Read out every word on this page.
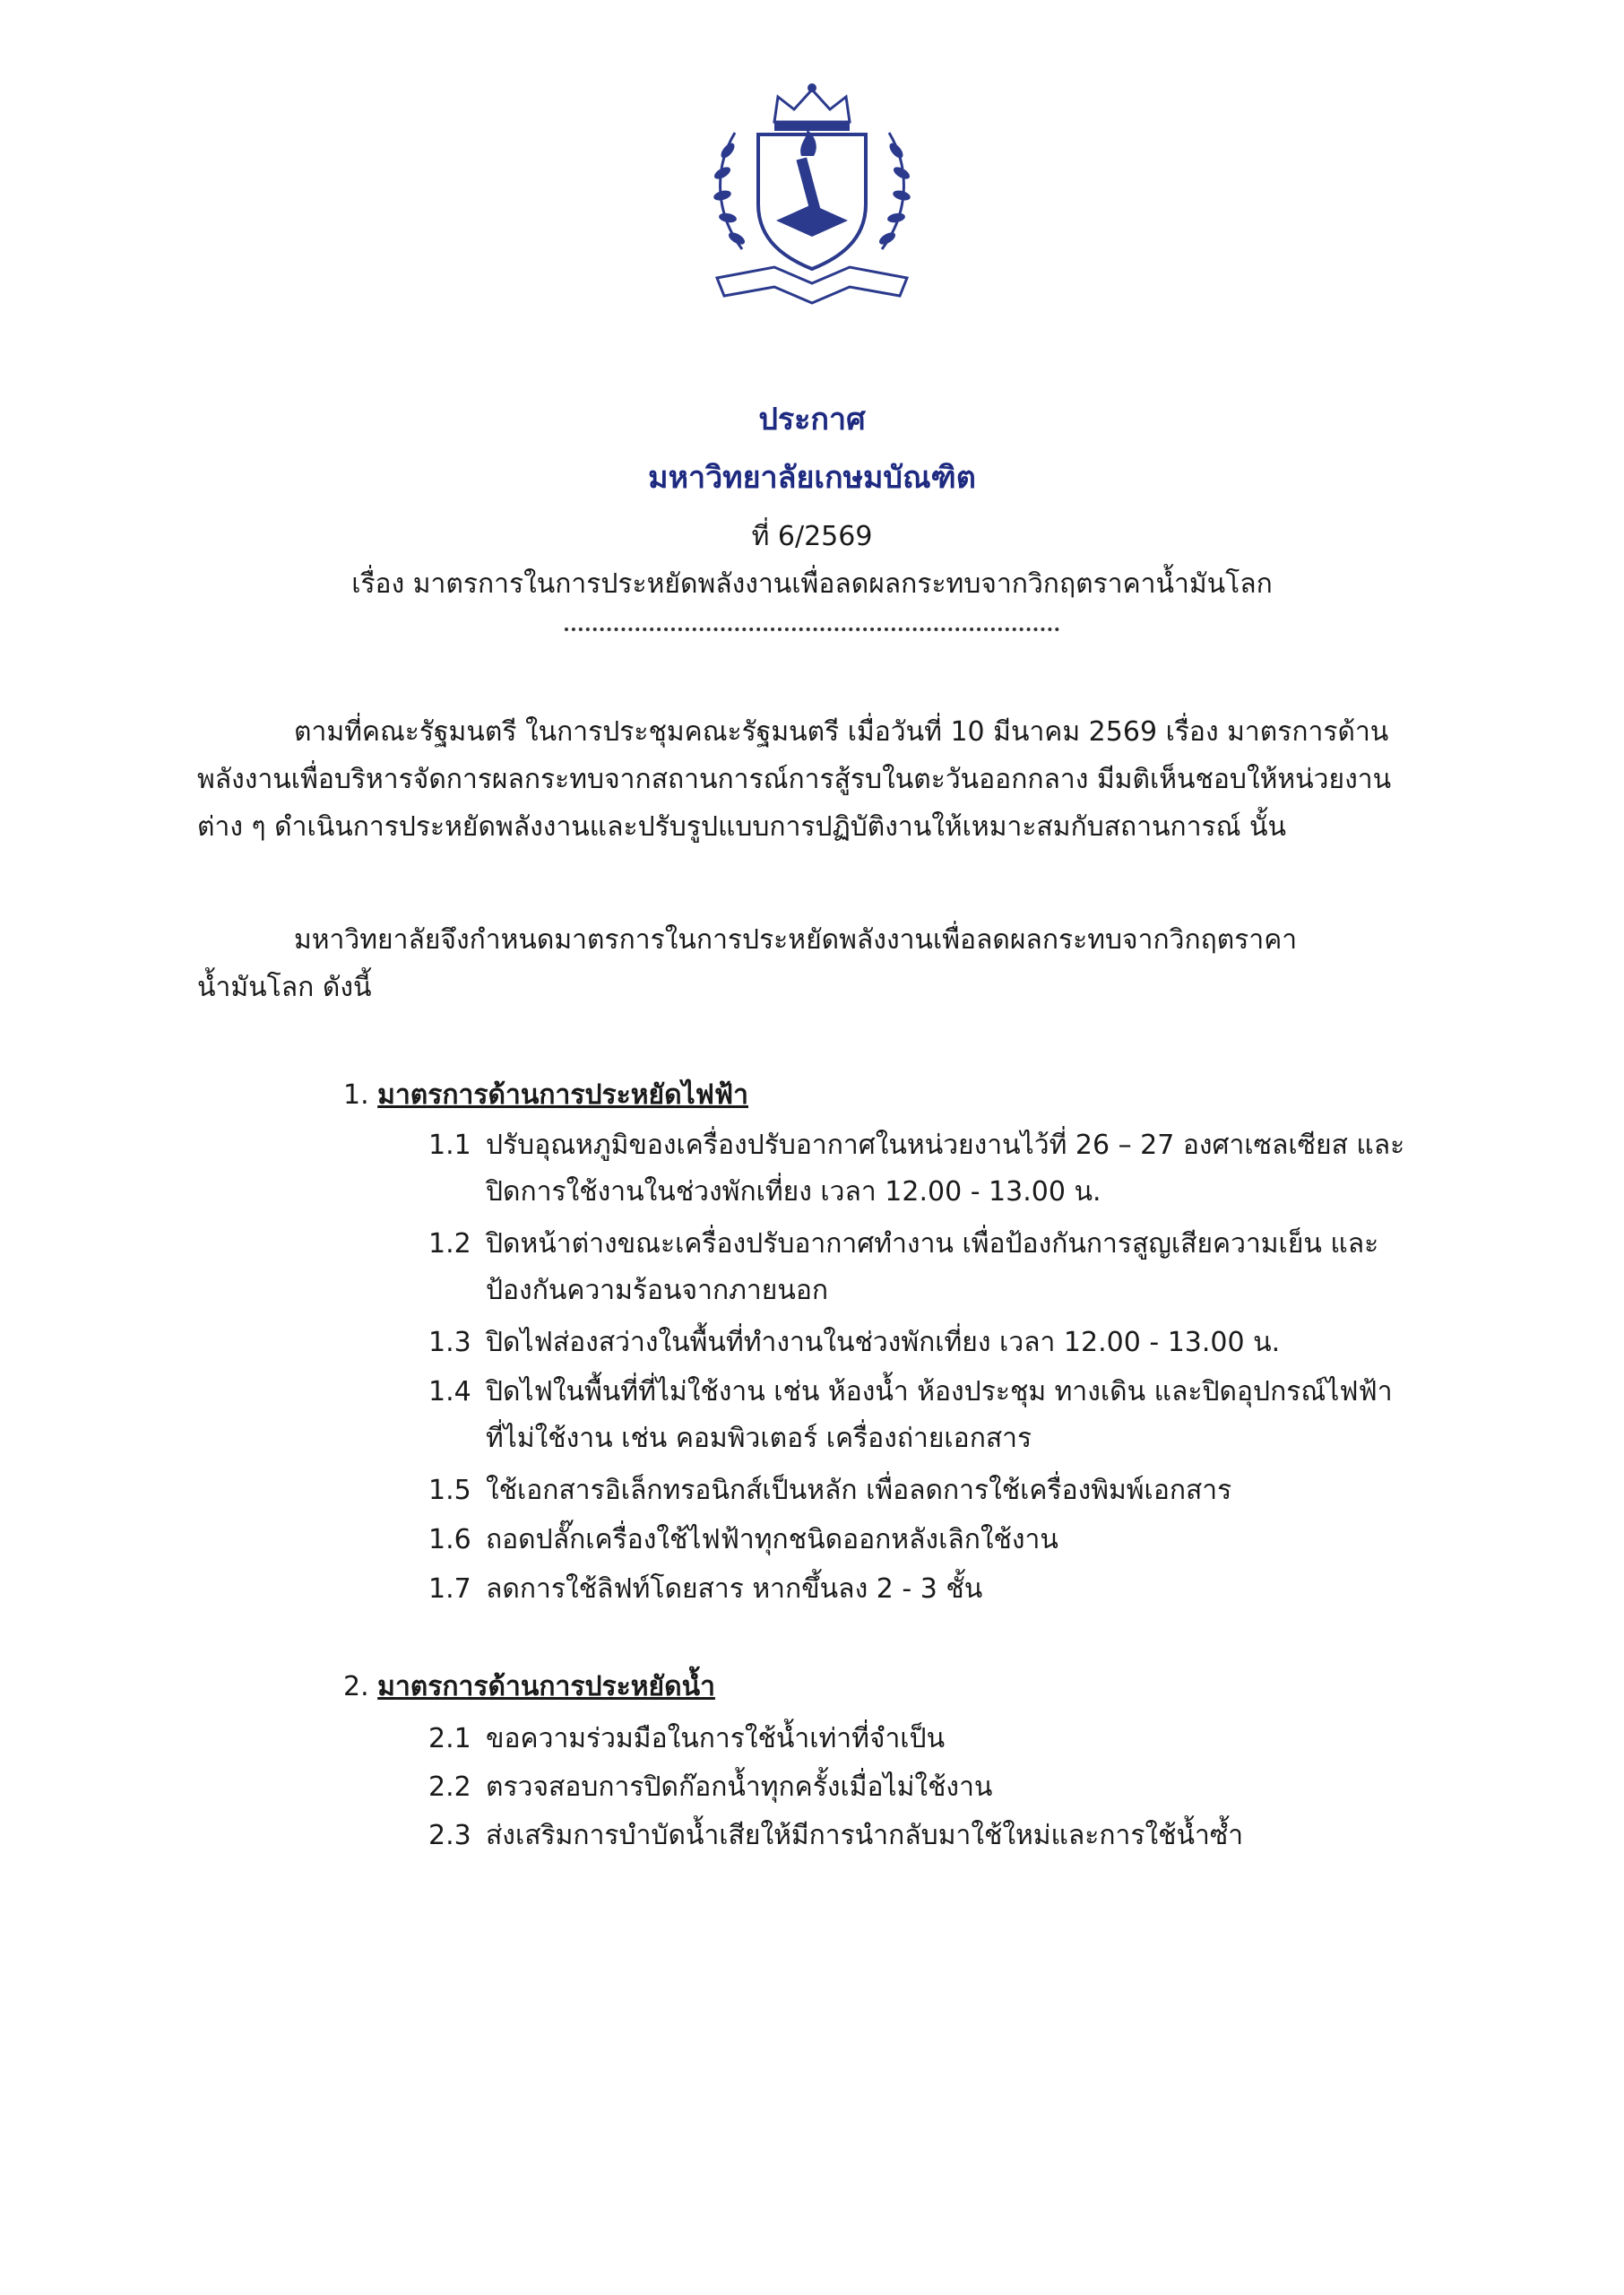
ประกาศ
มหาวิทยาลัยเกษมบัณฑิต
ที่ 6/2569
เรื่อง มาตรการในการประหยัดพลังงานเพื่อลดผลกระทบจากวิกฤตราคาน้ำมันโลก
ตามที่คณะรัฐมนตรี ในการประชุมคณะรัฐมนตรี เมื่อวันที่ 10 มีนาคม 2569 เรื่อง มาตรการด้าน
พลังงานเพื่อบริหารจัดการผลกระทบจากสถานการณ์การสู้รบในตะวันออกกลาง มีมติเห็นชอบให้หน่วยงาน
ต่าง ๆ ดำเนินการประหยัดพลังงานและปรับรูปแบบการปฏิบัติงานให้เหมาะสมกับสถานการณ์ นั้น
มหาวิทยาลัยจึงกำหนดมาตรการในการประหยัดพลังงานเพื่อลดผลกระทบจากวิกฤตราคา
น้ำมันโลก ดังนี้
1. มาตรการด้านการประหยัดไฟฟ้า
1.1 ปรับอุณหภูมิของเครื่องปรับอากาศในหน่วยงานไว้ที่ 26 – 27 องศาเซลเซียส และ
ปิดการใช้งานในช่วงพักเที่ยง เวลา 12.00 - 13.00 น.
1.2 ปิดหน้าต่างขณะเครื่องปรับอากาศทำงาน เพื่อป้องกันการสูญเสียความเย็น และ
ป้องกันความร้อนจากภายนอก
1.3 ปิดไฟส่องสว่างในพื้นที่ทำงานในช่วงพักเที่ยง เวลา 12.00 - 13.00 น.
1.4 ปิดไฟในพื้นที่ที่ไม่ใช้งาน เช่น ห้องน้ำ ห้องประชุม ทางเดิน และปิดอุปกรณ์ไฟฟ้า
ที่ไม่ใช้งาน เช่น คอมพิวเตอร์ เครื่องถ่ายเอกสาร
1.5 ใช้เอกสารอิเล็กทรอนิกส์เป็นหลัก เพื่อลดการใช้เครื่องพิมพ์เอกสาร
1.6 ถอดปลั๊กเครื่องใช้ไฟฟ้าทุกชนิดออกหลังเลิกใช้งาน
1.7 ลดการใช้ลิฟท์โดยสาร หากขึ้นลง 2 - 3 ชั้น
2. มาตรการด้านการประหยัดน้ำ
2.1 ขอความร่วมมือในการใช้น้ำเท่าที่จำเป็น
2.2 ตรวจสอบการปิดก๊อกน้ำทุกครั้งเมื่อไม่ใช้งาน
2.3 ส่งเสริมการบำบัดน้ำเสียให้มีการนำกลับมาใช้ใหม่และการใช้น้ำซ้ำ
